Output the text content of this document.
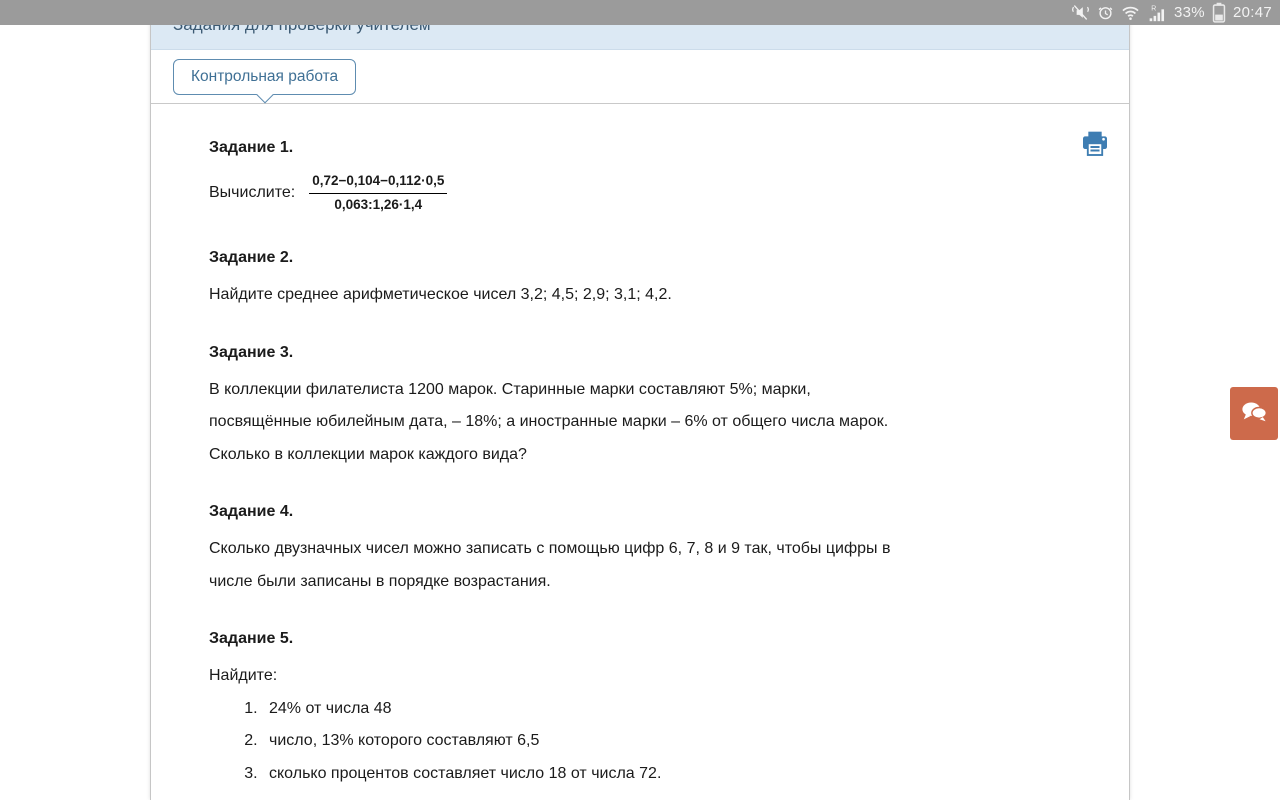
R 33% 20:47
Контрольная работа
Задание 1.
Вычислите: $\frac{0,72-0,104-0,112\cdot 0,5}{0,063:1,26\cdot 1,4}$
Задание 2.
Найдите среднее арифметическое чисел 3,2; 4,5; 2,9; 3,1; 4,2.
Задание 3.
В коллекции филателиста 1200 марок. Старинные марки составляют 5%; марки,
посвящённые юбилейным дата, – 18%; а иностранные марки – 6% от общего числа марок.
Сколько в коллекции марок каждого вида?
Задание 4.
Сколько двузначных чисел можно записать с помощью цифр 6, 7, 8 и 9 так, чтобы цифры в
числе были записаны в порядке возрастания.
Задание 5.
Найдите:
1. 24% от числа 48
2. число, 13% которого составляют 6,5
3. сколько процентов составляет число 18 от числа 72.
